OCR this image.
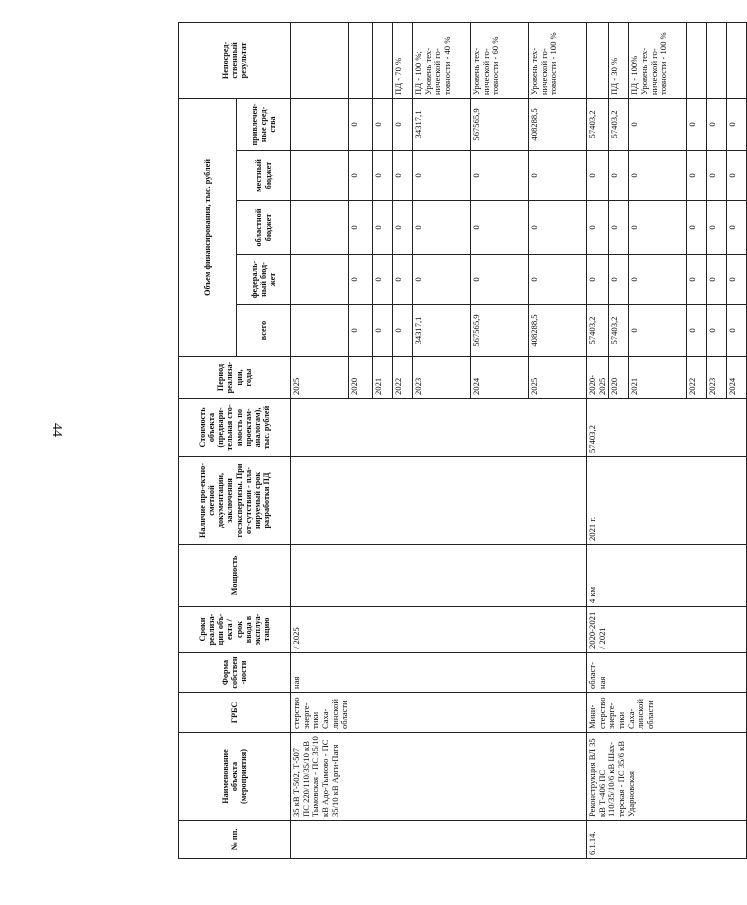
44
№ пп.	Наименование объекта (мероприятия)	ГРБС	Форма собствен-ности	Сроки реализа-ции объ-екта / срок ввода в эксплуа-тацию	Мощность	Наличие про-ектно-сметной документации, заключения госэкспертизы. При от-сутствии - пла-нируемый срок разработки ПД	Стоимость объекта (предвари-тельная сто-имость по проектам-аналогам), тыс. рублей	Период реализа-ции, годы	Объем финансирования, тыс. рублей					Непосред-ственный результат
									всего	федераль-ный бюд-жет	областной бюджет	местный бюджет	привлечен-ные сред-ства	
	35 кВ Т-502, Т-507 ПС 220/110/35/10 кВ Тымовская - ПС 35/10 кВ Адо-Тымово - ПС 35/10 кВ Арги-Пагя	стерство энерге-тики Саха-линской области	ная	/ 2025				2025						
								2020	0	0	0	0	0	
								2021	0	0	0	0	0	
								2022	0	0	0	0	0	ПД - 70 %
								2023	34317,1	0	0	0	34317,1	ПД - 100 %; Уровень тех-нической го-товности - 40 %
								2024	567565,9	0	0	0	567565,9	Уровень тех-нической го-товности - 60 %
								2025	408288,5	0	0	0	408288,5	Уровень тех-нической го-товности - 100 %
6.1.14.	Реконструкция ВЛ 35 кВ Т-406 ПС 110/35/10/6 кВ Шах-терская - ПС 35/6 кВ Ударновская	Мини-стерство энерге-тики Саха-линской области	област-ная	2020-2021 / 2021	4 км	2021 г.	57403,2	2020-2025	57403,2	0	0	0	57403,2	
								2020	57403,2	0	0	0	57403,2	ПД - 30 %
								2021	0	0	0	0	0	ПД - 100% Уровень тех-нической го-товности - 100 %
								2022	0	0	0	0	0	
								2023	0	0	0	0	0	
								2024	0	0	0	0	0	
